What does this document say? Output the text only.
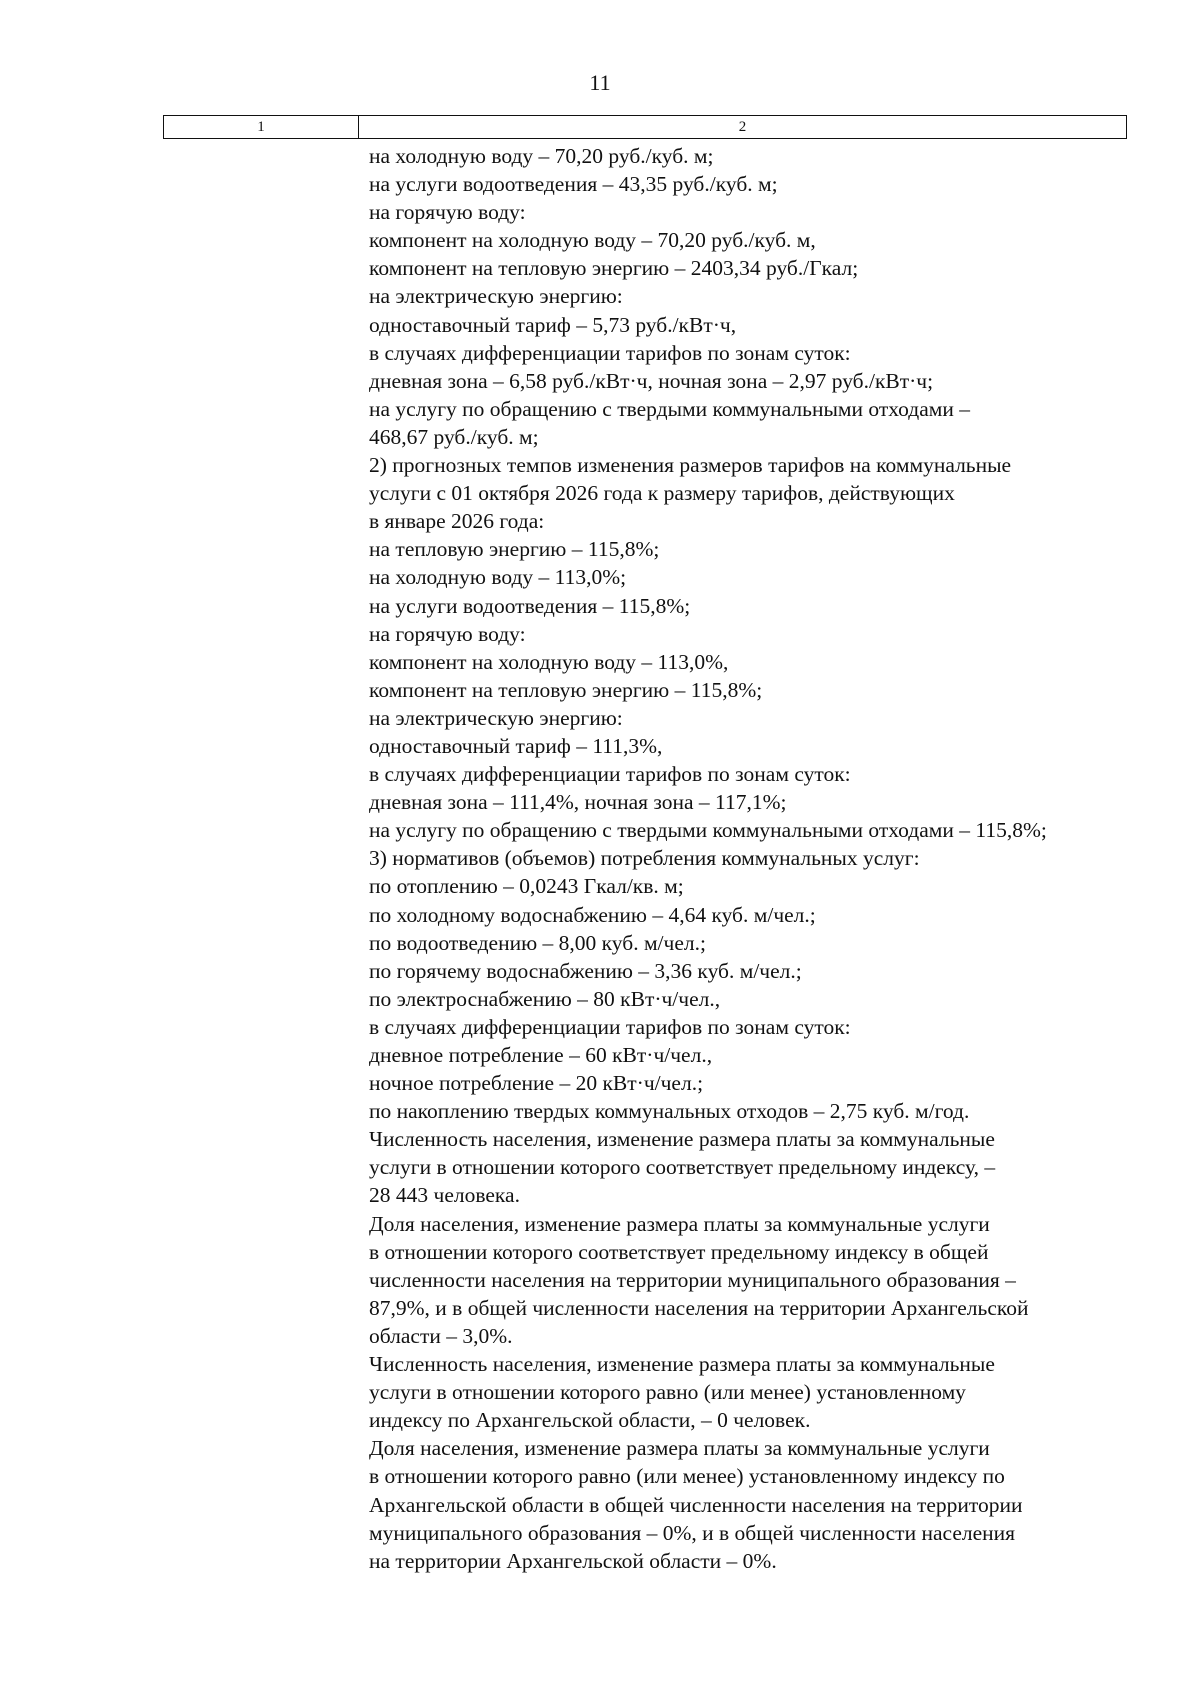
11
1	2
на холодную воду – 70,20 руб./куб. м;
на услуги водоотведения – 43,35 руб./куб. м;
на горячую воду:
компонент на холодную воду – 70,20 руб./куб. м,
компонент на тепловую энергию – 2403,34 руб./Гкал;
на электрическую энергию:
одноставочный тариф – 5,73 руб./кВт·ч,
в случаях дифференциации тарифов по зонам суток:
дневная зона – 6,58 руб./кВт·ч, ночная зона – 2,97 руб./кВт·ч;
на услугу по обращению с твердыми коммунальными отходами –
468,67 руб./куб. м;
2) прогнозных темпов изменения размеров тарифов на коммунальные
услуги с 01 октября 2026 года к размеру тарифов, действующих
в январе 2026 года:
на тепловую энергию – 115,8%;
на холодную воду – 113,0%;
на услуги водоотведения – 115,8%;
на горячую воду:
компонент на холодную воду – 113,0%,
компонент на тепловую энергию – 115,8%;
на электрическую энергию:
одноставочный тариф – 111,3%,
в случаях дифференциации тарифов по зонам суток:
дневная зона – 111,4%, ночная зона – 117,1%;
на услугу по обращению с твердыми коммунальными отходами – 115,8%;
3) нормативов (объемов) потребления коммунальных услуг:
по отоплению – 0,0243 Гкал/кв. м;
по холодному водоснабжению – 4,64 куб. м/чел.;
по водоотведению – 8,00 куб. м/чел.;
по горячему водоснабжению – 3,36 куб. м/чел.;
по электроснабжению – 80 кВт·ч/чел.,
в случаях дифференциации тарифов по зонам суток:
дневное потребление – 60 кВт·ч/чел.,
ночное потребление – 20 кВт·ч/чел.;
по накоплению твердых коммунальных отходов – 2,75 куб. м/год.
Численность населения, изменение размера платы за коммунальные
услуги в отношении которого соответствует предельному индексу, –
28 443 человека.
Доля населения, изменение размера платы за коммунальные услуги
в отношении которого соответствует предельному индексу в общей
численности населения на территории муниципального образования –
87,9%, и в общей численности населения на территории Архангельской
области – 3,0%.
Численность населения, изменение размера платы за коммунальные
услуги в отношении которого равно (или менее) установленному
индексу по Архангельской области, – 0 человек.
Доля населения, изменение размера платы за коммунальные услуги
в отношении которого равно (или менее) установленному индексу по
Архангельской области в общей численности населения на территории
муниципального образования – 0%, и в общей численности населения
на территории Архангельской области – 0%.
